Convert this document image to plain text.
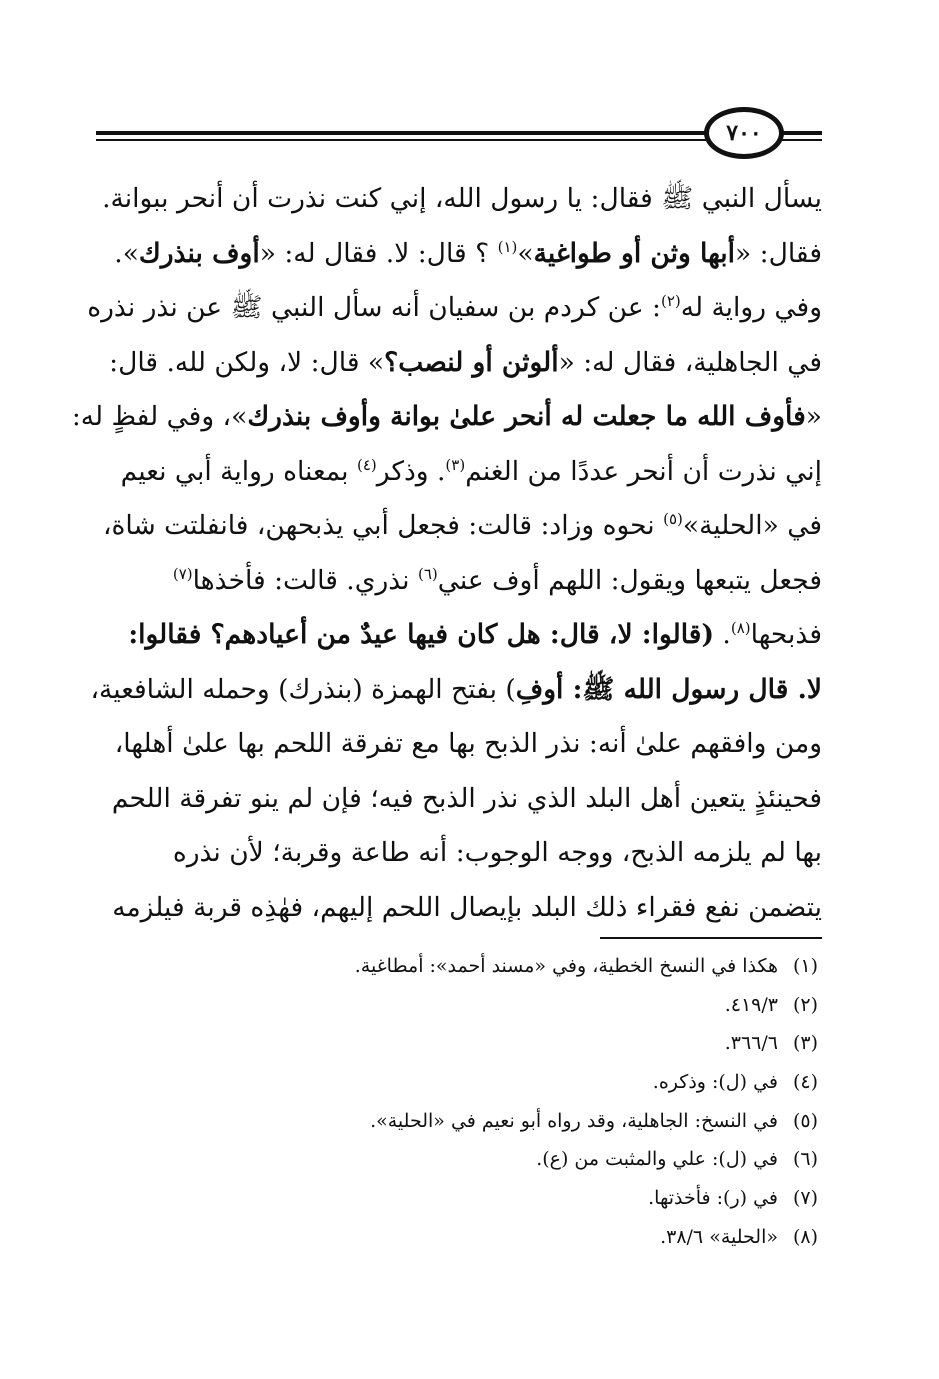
٧٠٠
يسأل النبي ﷺ فقال: يا رسول الله، إني كنت نذرت أن أنحر ببوانة.
فقال: «أبها وثن أو طواغية»$^{(١)}$ ؟ قال: لا. فقال له: «أوف بنذرك».
وفي رواية له$^{(٢)}$: عن كردم بن سفيان أنه سأل النبي ﷺ عن نذر نذره
في الجاهلية، فقال له: «ألوثن أو لنصب؟» قال: لا، ولكن لله. قال:
«فأوف الله ما جعلت له أنحر علىٰ بوانة وأوف بنذرك»، وفي لفظٍ له:
إني نذرت أن أنحر عددًا من الغنم$^{(٣)}$. وذكر$^{(٤)}$ بمعناه رواية أبي نعيم
في «الحلية»$^{(٥)}$ نحوه وزاد: قالت: فجعل أبي يذبحهن، فانفلتت شاة،
فجعل يتبعها ويقول: اللهم أوف عني$^{(٦)}$ نذري. قالت: فأخذها$^{(٧)}$
فذبحها$^{(٨)}$. (قالوا: لا، قال: هل كان فيها عيدٌ من أعيادهم؟ فقالوا:
لا. قال رسول الله ﷺ: أوفِ) بفتح الهمزة (بنذرك) وحمله الشافعية،
ومن وافقهم علىٰ أنه: نذر الذبح بها مع تفرقة اللحم بها علىٰ أهلها،
فحينئذٍ يتعين أهل البلد الذي نذر الذبح فيه؛ فإن لم ينو تفرقة اللحم
بها لم يلزمه الذبح، ووجه الوجوب: أنه طاعة وقربة؛ لأن نذره
يتضمن نفع فقراء ذلك البلد بإيصال اللحم إليهم، فهٰذِه قربة فيلزمه
(١)هكذا في النسخ الخطية، وفي «مسند أحمد»: أمطاغية.
(٢)٤١٩/٣.
(٣)٣٦٦/٦.
(٤)في (ل): وذكره.
(٥)في النسخ: الجاهلية، وقد رواه أبو نعيم في «الحلية».
(٦)في (ل): علي والمثبت من (ع).
(٧)في (ر): فأخذتها.
(٨)«الحلية» ٣٨/٦.
